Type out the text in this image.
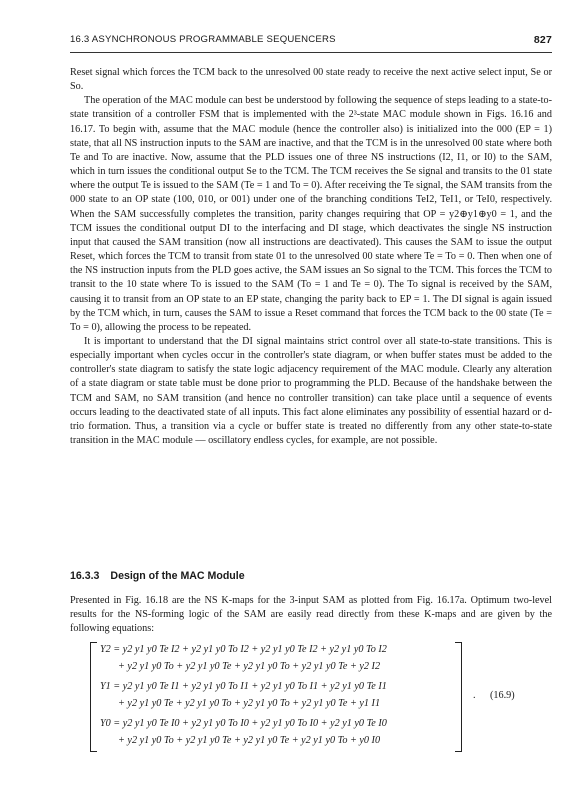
16.3 ASYNCHRONOUS PROGRAMMABLE SEQUENCERS	827

Reset signal which forces the TCM back to the unresolved 00 state ready to receive the next active select input, Se or So.

The operation of the MAC module can best be understood by following the sequence of steps leading to a state-to-state transition of a controller FSM that is implemented with the 2³-state MAC module shown in Figs. 16.16 and 16.17. To begin with, assume that the MAC module (hence the controller also) is initialized into the 000 (EP = 1) state, that all NS instruction inputs to the SAM are inactive, and that the TCM is in the unresolved 00 state where both Te and To are inactive. Now, assume that the PLD issues one of three NS instructions (I2, I1, or I0) to the SAM, which in turn issues the conditional output Se to the TCM. The TCM receives the Se signal and transits to the 01 state where the output Te is issued to the SAM (Te = 1 and To = 0). After receiving the Te signal, the SAM transits from the 000 state to an OP state (100, 010, or 001) under one of the branching conditions TeI2, TeI1, or TeI0, respectively. When the SAM successfully completes the transition, parity changes requiring that OP = y2⊕y1⊕y0 = 1, and the TCM issues the conditional output DI to the interfacing and DI stage, which deactivates the single NS instruction input that caused the SAM transition (now all instructions are deactivated). This causes the SAM to issue the output Reset, which forces the TCM to transit from state 01 to the unresolved 00 state where Te = To = 0. Then when one of the NS instruction inputs from the PLD goes active, the SAM issues an So signal to the TCM. This forces the TCM to transit to the 10 state where To is issued to the SAM (To = 1 and Te = 0). The To signal is received by the SAM, causing it to transit from an OP state to an EP state, changing the parity back to EP = 1. The DI signal is again issued by the TCM which, in turn, causes the SAM to issue a Reset command that forces the TCM back to the 00 state (Te = To = 0), allowing the process to be repeated.

It is important to understand that the DI signal maintains strict control over all state-to-state transitions. This is especially important when cycles occur in the controller's state diagram, or when buffer states must be added to the controller's state diagram to satisfy the state logic adjacency requirement of the MAC module. Clearly any alteration of a state diagram or state table must be done prior to programming the PLD. Because of the handshake between the TCM and SAM, no SAM transition (and hence no controller transition) can take place until a sequence of events occurs leading to the deactivated state of all inputs. This fact alone eliminates any possibility of essential hazard or d-trio formation. Thus, a transition via a cycle or buffer state is treated no differently from any other state-to-state transition in the MAC module — oscillatory endless cycles, for example, are not possible.

16.3.3 Design of the MAC Module
Presented in Fig. 16.18 are the NS K-maps for the 3-input SAM as plotted from Fig. 16.17a. Optimum two-level results for the NS-forming logic of the SAM are easily read directly from these K-maps and are given by the following equations:
Y2 = y2 y1 y0 Te I2 + y2 y1 y0 To I2 + y2 y1 y0 Te I2 + y2 y1 y0 To I2
+ y2 y1 y0 To + y2 y1 y0 Te + y2 y1 y0 To + y2 y1 y0 Te + y2 I2
Y1 = y2 y1 y0 Te I1 + y2 y1 y0 To I1 + y2 y1 y0 To I1 + y2 y1 y0 Te I1
+ y2 y1 y0 Te + y2 y1 y0 To + y2 y1 y0 To + y2 y1 y0 Te + y1 I1
Y0 = y2 y1 y0 Te I0 + y2 y1 y0 To I0 + y2 y1 y0 To I0 + y2 y1 y0 Te I0
+ y2 y1 y0 To + y2 y1 y0 Te + y2 y1 y0 Te + y2 y1 y0 To + y0 I0
. (16.9)
